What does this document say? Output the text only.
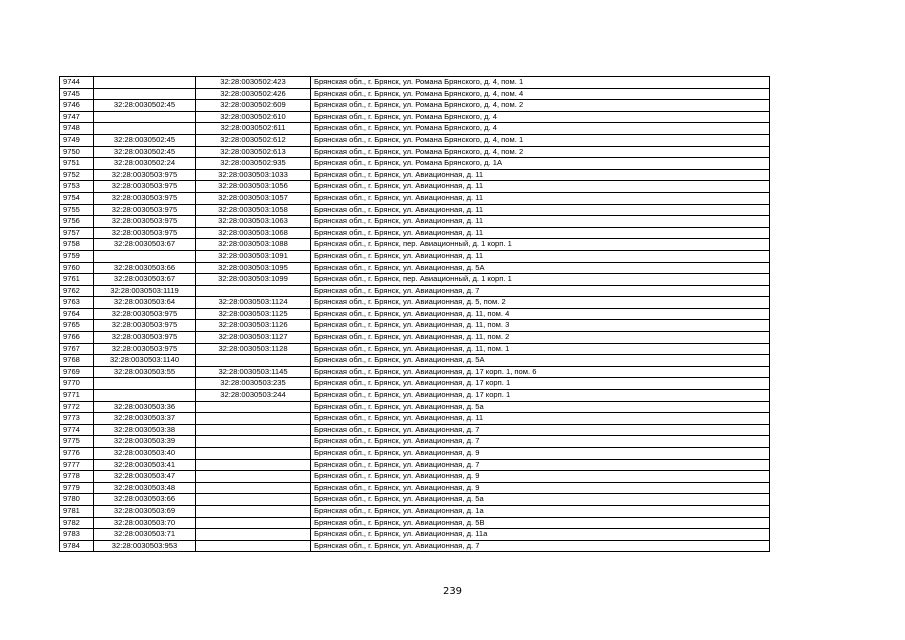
9744		32:28:0030502:423	Брянская обл., г. Брянск, ул. Романа Брянского, д. 4, пом. 1
9745		32:28:0030502:426	Брянская обл., г. Брянск, ул. Романа Брянского, д. 4, пом. 4
9746	32:28:0030502:45	32:28:0030502:609	Брянская обл., г. Брянск, ул. Романа Брянского, д. 4, пом. 2
9747		32:28:0030502:610	Брянская обл., г. Брянск, ул. Романа Брянского, д. 4
9748		32:28:0030502:611	Брянская обл., г. Брянск, ул. Романа Брянского, д. 4
9749	32:28:0030502:45	32:28:0030502:612	Брянская обл., г. Брянск, ул. Романа Брянского, д. 4, пом. 1
9750	32:28:0030502:45	32:28:0030502:613	Брянская обл., г. Брянск, ул. Романа Брянского, д. 4, пом. 2
9751	32:28:0030502:24	32:28:0030502:935	Брянская обл., г. Брянск, ул. Романа Брянского, д. 1А
9752	32:28:0030503:975	32:28:0030503:1033	Брянская обл., г. Брянск, ул. Авиационная, д. 11
9753	32:28:0030503:975	32:28:0030503:1056	Брянская обл., г. Брянск, ул. Авиационная, д. 11
9754	32:28:0030503:975	32:28:0030503:1057	Брянская обл., г. Брянск, ул. Авиационная, д. 11
9755	32:28:0030503:975	32:28:0030503:1058	Брянская обл., г. Брянск, ул. Авиационная, д. 11
9756	32:28:0030503:975	32:28:0030503:1063	Брянская обл., г. Брянск, ул. Авиационная, д. 11
9757	32:28:0030503:975	32:28:0030503:1068	Брянская обл., г. Брянск, ул. Авиационная, д. 11
9758	32:28:0030503:67	32:28:0030503:1088	Брянская обл., г. Брянск, пер. Авиационный, д. 1 корп. 1
9759		32:28:0030503:1091	Брянская обл., г. Брянск, ул. Авиационная, д. 11
9760	32:28:0030503:66	32:28:0030503:1095	Брянская обл., г. Брянск, ул. Авиационная, д. 5А
9761	32:28:0030503:67	32:28:0030503:1099	Брянская обл., г. Брянск, пер. Авиационный, д. 1 корп. 1
9762	32:28:0030503:1119		Брянская обл., г. Брянск, ул. Авиационная, д. 7
9763	32:28:0030503:64	32:28:0030503:1124	Брянская обл., г. Брянск, ул. Авиационная, д. 5, пом. 2
9764	32:28:0030503:975	32:28:0030503:1125	Брянская обл., г. Брянск, ул. Авиационная, д. 11, пом. 4
9765	32:28:0030503:975	32:28:0030503:1126	Брянская обл., г. Брянск, ул. Авиационная, д. 11, пом. 3
9766	32:28:0030503:975	32:28:0030503:1127	Брянская обл., г. Брянск, ул. Авиационная, д. 11, пом. 2
9767	32:28:0030503:975	32:28:0030503:1128	Брянская обл., г. Брянск, ул. Авиационная, д. 11, пом. 1
9768	32:28:0030503:1140		Брянская обл., г. Брянск, ул. Авиационная, д. 5А
9769	32:28:0030503:55	32:28:0030503:1145	Брянская обл., г. Брянск, ул. Авиационная, д. 17 корп. 1, пом. 6
9770		32:28:0030503:235	Брянская обл., г. Брянск, ул. Авиационная, д. 17 корп. 1
9771		32:28:0030503:244	Брянская обл., г. Брянск, ул. Авиационная, д. 17 корп. 1
9772	32:28:0030503:36		Брянская обл., г. Брянск, ул. Авиационная, д. 5а
9773	32:28:0030503:37		Брянская обл., г. Брянск, ул. Авиационная, д. 11
9774	32:28:0030503:38		Брянская обл., г. Брянск, ул. Авиационная, д. 7
9775	32:28:0030503:39		Брянская обл., г. Брянск, ул. Авиационная, д. 7
9776	32:28:0030503:40		Брянская обл., г. Брянск, ул. Авиационная, д. 9
9777	32:28:0030503:41		Брянская обл., г. Брянск, ул. Авиационная, д. 7
9778	32:28:0030503:47		Брянская обл., г. Брянск, ул. Авиационная, д. 9
9779	32:28:0030503:48		Брянская обл., г. Брянск, ул. Авиационная, д. 9
9780	32:28:0030503:66		Брянская обл., г. Брянск, ул. Авиационная, д. 5а
9781	32:28:0030503:69		Брянская обл., г. Брянск, ул. Авиационная, д. 1а
9782	32:28:0030503:70		Брянская обл., г. Брянск, ул. Авиационная, д. 5В
9783	32:28:0030503:71		Брянская обл., г. Брянск, ул. Авиационная, д. 11а
9784	32:28:0030503:953		Брянская обл., г. Брянск, ул. Авиационная, д. 7
239
